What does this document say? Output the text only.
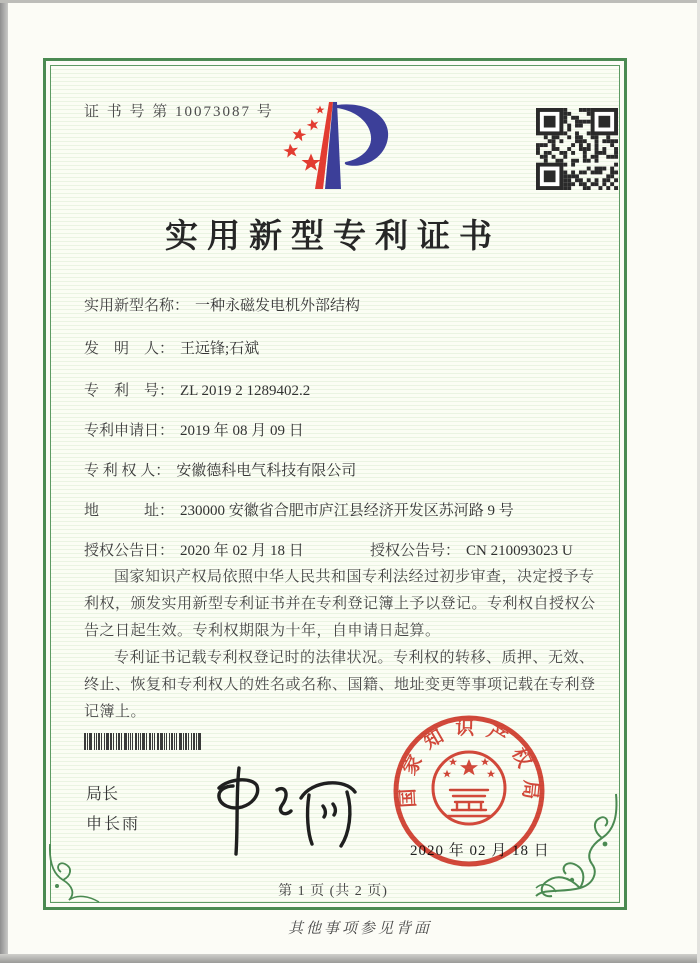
证 书 号 第 10073087 号
实用新型专利证书
实用新型名称： 一种永磁发电机外部结构
发　明　人： 王远锋;石斌
专　利　号： ZL 2019 2 1289402.2
专利申请日： 2019 年 08 月 09 日
专 利 权 人： 安徽德科电气科技有限公司
地　　　址： 230000 安徽省合肥市庐江县经济开发区苏河路 9 号
授权公告日： 2020 年 02 月 18 日	授权公告号： CN 210093023 U

国家知识产权局依照中华人民共和国专利法经过初步审查，决定授予专利权，颁发实用新型专利证书并在专利登记簿上予以登记。专利权自授权公告之日起生效。专利权期限为十年，自申请日起算。

专利证书记载专利权登记时的法律状况。专利权的转移、质押、无效、终止、恢复和专利权人的姓名或名称、国籍、地址变更等事项记载在专利登记簿上。

局长
申长雨
2020 年 02 月 18 日
国家知识产权局
第 1 页 (共 2 页)
其他事项参见背面
